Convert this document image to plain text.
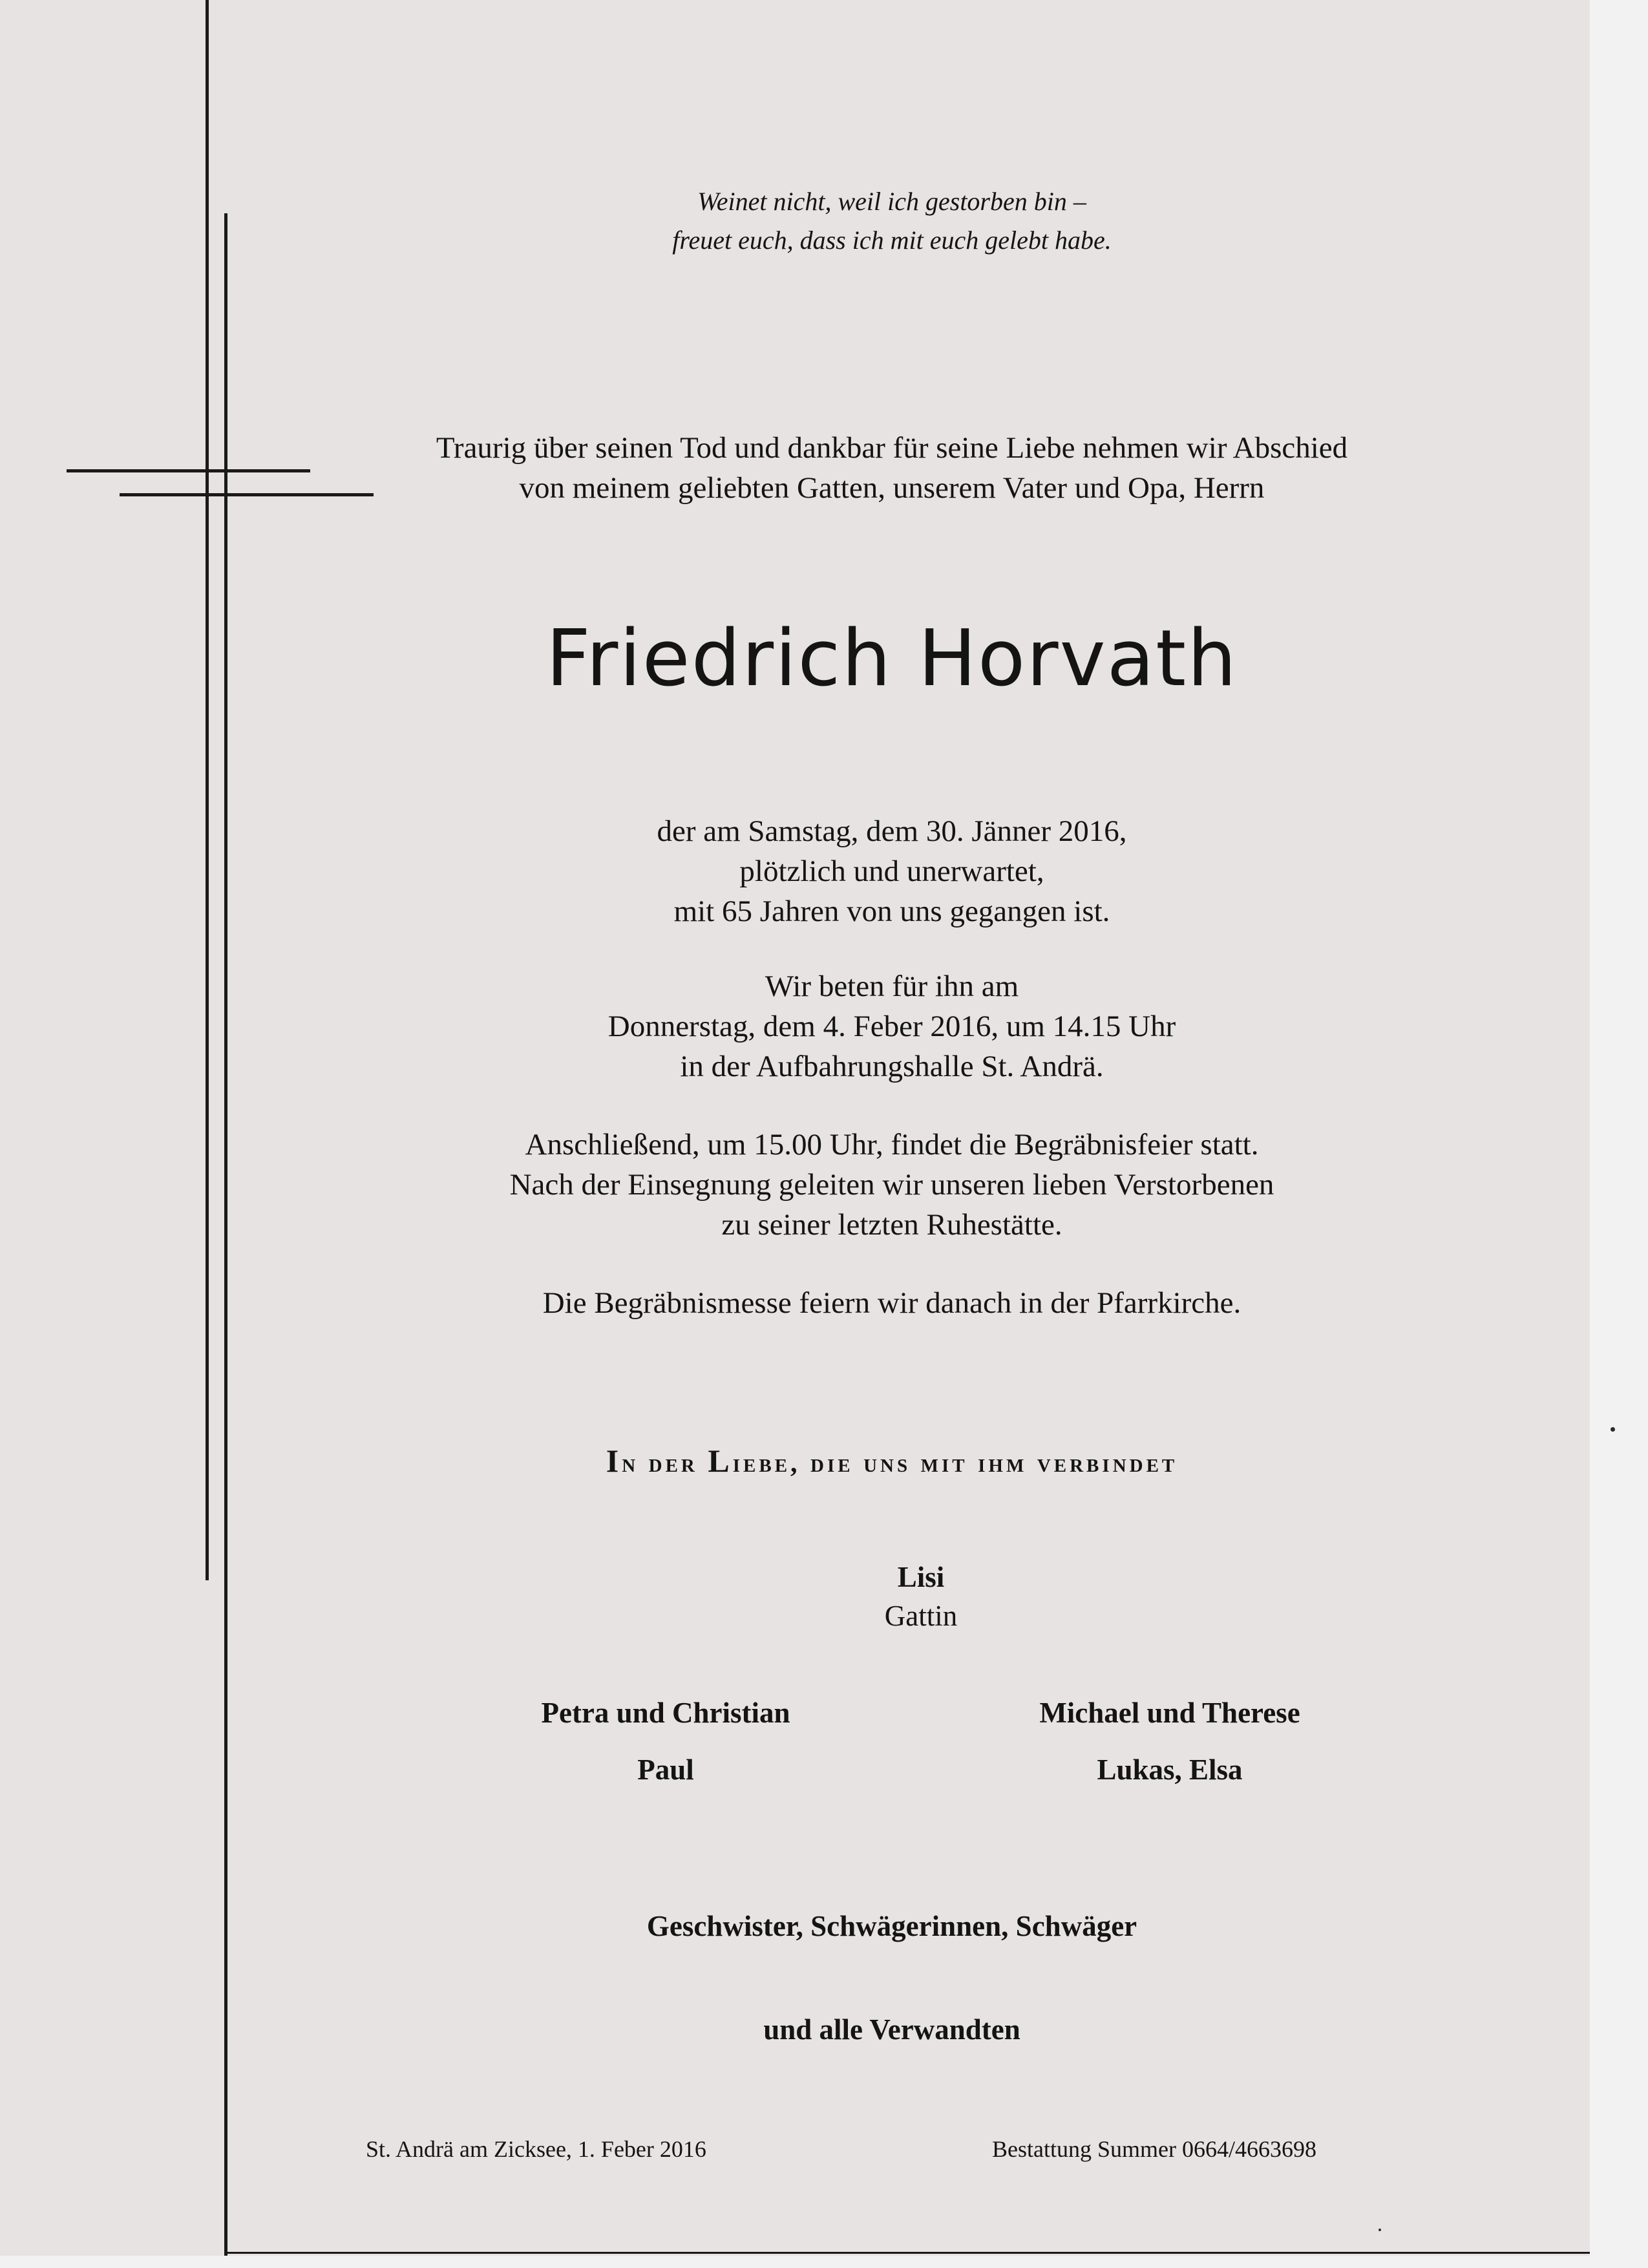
Weinet nicht, weil ich gestorben bin –
freuet euch, dass ich mit euch gelebt habe.
Traurig über seinen Tod und dankbar für seine Liebe nehmen wir Abschied
von meinem geliebten Gatten, unserem Vater und Opa, Herrn
Friedrich Horvath
der am Samstag, dem 30. Jänner 2016,
plötzlich und unerwartet,
mit 65 Jahren von uns gegangen ist.
Wir beten für ihn am
Donnerstag, dem 4. Feber 2016, um 14.15 Uhr
in der Aufbahrungshalle St. Andrä.
Anschließend, um 15.00 Uhr, findet die Begräbnisfeier statt.
Nach der Einsegnung geleiten wir unseren lieben Verstorbenen
zu seiner letzten Ruhestätte.
Die Begräbnismesse feiern wir danach in der Pfarrkirche.
In der Liebe, die uns mit ihm verbindet
Lisi
Gattin
Petra und Christian
Paul
Michael und Therese
Lukas, Elsa
Geschwister, Schwägerinnen, Schwäger
und alle Verwandten
St. Andrä am Zicksee, 1. Feber 2016	Bestattung Summer 0664/4663698
